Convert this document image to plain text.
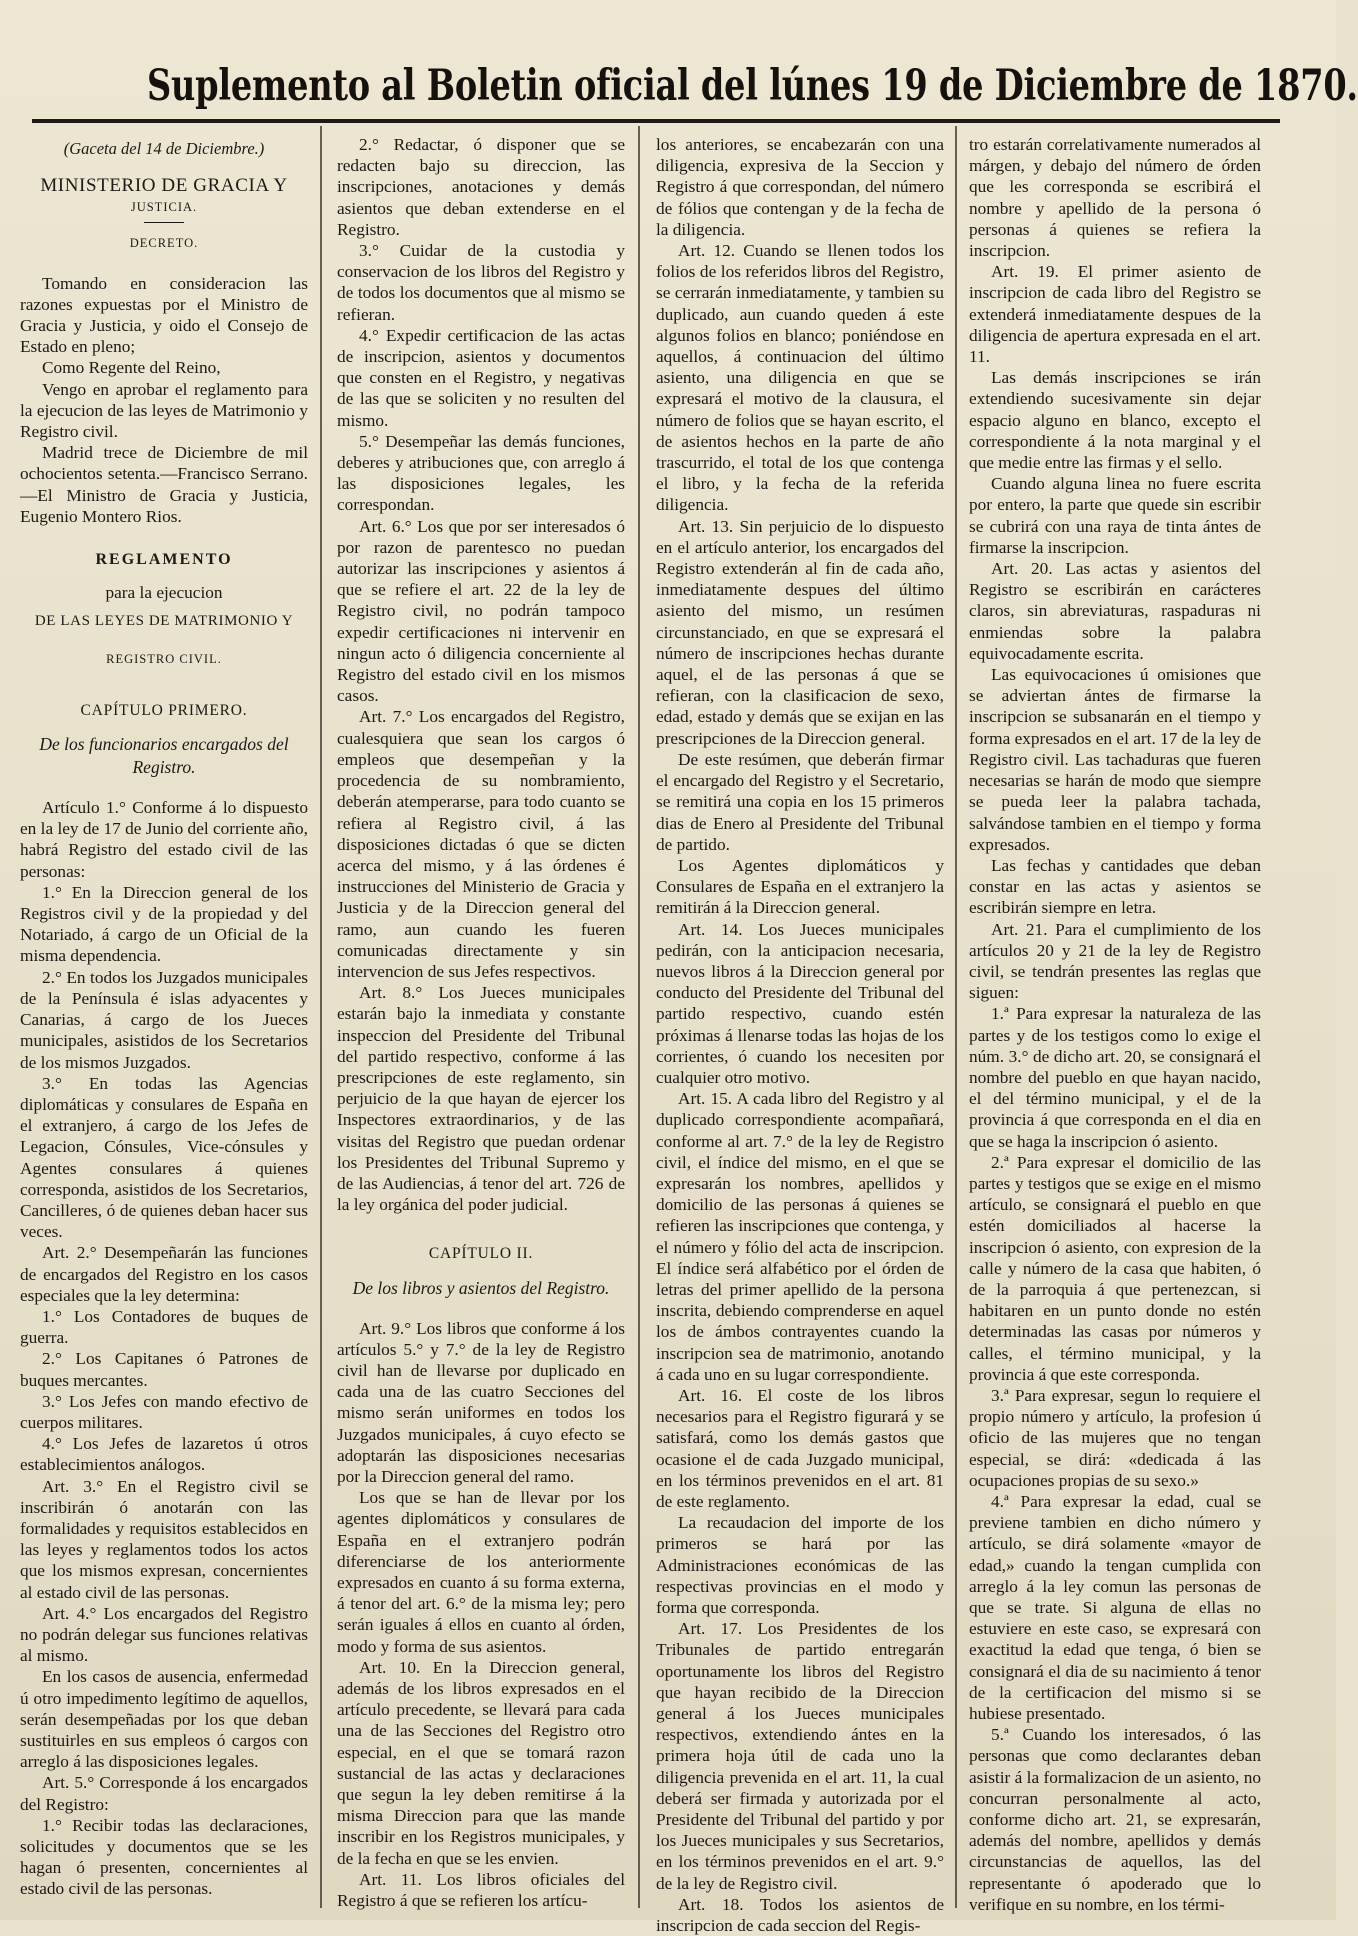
Suplemento al Boletin oficial del lúnes 19 de Diciembre de 1870.

(Gaceta del 14 de Diciembre.)

MINISTERIO DE GRACIA Y

JUSTICIA.

DECRETO.

Tomando en consideracion las razones expuestas por el Ministro de Gracia y Justicia, y oido el Consejo de Estado en pleno;

Como Regente del Reino,

Vengo en aprobar el reglamento para la ejecucion de las leyes de Matrimonio y Registro civil.

Madrid trece de Diciembre de mil ochocientos setenta.—Francisco Serrano.—El Ministro de Gracia y Justicia, Eugenio Montero Rios.

REGLAMENTO

para la ejecucion

DE LAS LEYES DE MATRIMONIO Y

REGISTRO CIVIL.

CAPÍTULO PRIMERO.

De los funcionarios encargados del Registro.

Artículo 1.° Conforme á lo dispuesto en la ley de 17 de Junio del corriente año, habrá Registro del estado civil de las personas:

1.° En la Direccion general de los Registros civil y de la propiedad y del Notariado, á cargo de un Oficial de la misma dependencia.

2.° En todos los Juzgados municipales de la Península é islas adyacentes y Canarias, á cargo de los Jueces municipales, asistidos de los Secretarios de los mismos Juzgados.

3.° En todas las Agencias diplomáticas y consulares de España en el extranjero, á cargo de los Jefes de Legacion, Cónsules, Vice-cónsules y Agentes consulares á quienes corresponda, asistidos de los Secretarios, Cancilleres, ó de quienes deban hacer sus veces.

Art. 2.° Desempeñarán las funciones de encargados del Registro en los casos especiales que la ley determina:

1.° Los Contadores de buques de guerra.

2.° Los Capitanes ó Patrones de buques mercantes.

3.° Los Jefes con mando efectivo de cuerpos militares.

4.° Los Jefes de lazaretos ú otros establecimientos análogos.

Art. 3.° En el Registro civil se inscribirán ó anotarán con las formalidades y requisitos establecidos en las leyes y reglamentos todos los actos que los mismos expresan, concernientes al estado civil de las personas.

Art. 4.° Los encargados del Registro no podrán delegar sus funciones relativas al mismo.

En los casos de ausencia, enfermedad ú otro impedimento legítimo de aquellos, serán desempeñadas por los que deban sustituirles en sus empleos ó cargos con arreglo á las disposiciones legales.

Art. 5.° Corresponde á los encargados del Registro:

1.° Recibir todas las declaraciones, solicitudes y documentos que se les hagan ó presenten, concernientes al estado civil de las personas.

2.° Redactar, ó disponer que se redacten bajo su direccion, las inscripciones, anotaciones y demás asientos que deban extenderse en el Registro.

3.° Cuidar de la custodia y conservacion de los libros del Registro y de todos los documentos que al mismo se refieran.

4.° Expedir certificacion de las actas de inscripcion, asientos y documentos que consten en el Registro, y negativas de las que se soliciten y no resulten del mismo.

5.° Desempeñar las demás funciones, deberes y atribuciones que, con arreglo á las disposiciones legales, les correspondan.

Art. 6.° Los que por ser interesados ó por razon de parentesco no puedan autorizar las inscripciones y asientos á que se refiere el art. 22 de la ley de Registro civil, no podrán tampoco expedir certificaciones ni intervenir en ningun acto ó diligencia concerniente al Registro del estado civil en los mismos casos.

Art. 7.° Los encargados del Registro, cualesquiera que sean los cargos ó empleos que desempeñan y la procedencia de su nombramiento, deberán atemperarse, para todo cuanto se refiera al Registro civil, á las disposiciones dictadas ó que se dicten acerca del mismo, y á las órdenes é instrucciones del Ministerio de Gracia y Justicia y de la Direccion general del ramo, aun cuando les fueren comunicadas directamente y sin intervencion de sus Jefes respectivos.

Art. 8.° Los Jueces municipales estarán bajo la inmediata y constante inspeccion del Presidente del Tribunal del partido respectivo, conforme á las prescripciones de este reglamento, sin perjuicio de la que hayan de ejercer los Inspectores extraordinarios, y de las visitas del Registro que puedan ordenar los Presidentes del Tribunal Supremo y de las Audiencias, á tenor del art. 726 de la ley orgánica del poder judicial.

CAPÍTULO II.

De los libros y asientos del Registro.

Art. 9.° Los libros que conforme á los artículos 5.° y 7.° de la ley de Registro civil han de llevarse por duplicado en cada una de las cuatro Secciones del mismo serán uniformes en todos los Juzgados municipales, á cuyo efecto se adoptarán las disposiciones necesarias por la Direccion general del ramo.

Los que se han de llevar por los agentes diplomáticos y consulares de España en el extranjero podrán diferenciarse de los anteriormente expresados en cuanto á su forma externa, á tenor del art. 6.° de la misma ley; pero serán iguales á ellos en cuanto al órden, modo y forma de sus asientos.

Art. 10. En la Direccion general, además de los libros expresados en el artículo precedente, se llevará para cada una de las Secciones del Registro otro especial, en el que se tomará razon sustancial de las actas y declaraciones que segun la ley deben remitirse á la misma Direccion para que las mande inscribir en los Registros municipales, y de la fecha en que se les envien.

Art. 11. Los libros oficiales del Registro á que se refieren los artícu-

los anteriores, se encabezarán con una diligencia, expresiva de la Seccion y Registro á que correspondan, del número de fólios que contengan y de la fecha de la diligencia.

Art. 12. Cuando se llenen todos los folios de los referidos libros del Registro, se cerrarán inmediatamente, y tambien su duplicado, aun cuando queden á este algunos folios en blanco; poniéndose en aquellos, á continuacion del último asiento, una diligencia en que se expresará el motivo de la clausura, el número de folios que se hayan escrito, el de asientos hechos en la parte de año trascurrido, el total de los que contenga el libro, y la fecha de la referida diligencia.

Art. 13. Sin perjuicio de lo dispuesto en el artículo anterior, los encargados del Registro extenderán al fin de cada año, inmediatamente despues del último asiento del mismo, un resúmen circunstanciado, en que se expresará el número de inscripciones hechas durante aquel, el de las personas á que se refieran, con la clasificacion de sexo, edad, estado y demás que se exijan en las prescripciones de la Direccion general.

De este resúmen, que deberán firmar el encargado del Registro y el Secretario, se remitirá una copia en los 15 primeros dias de Enero al Presidente del Tribunal de partido.

Los Agentes diplomáticos y Consulares de España en el extranjero la remitirán á la Direccion general.

Art. 14. Los Jueces municipales pedirán, con la anticipacion necesaria, nuevos libros á la Direccion general por conducto del Presidente del Tribunal del partido respectivo, cuando estén próximas á llenarse todas las hojas de los corrientes, ó cuando los necesiten por cualquier otro motivo.

Art. 15. A cada libro del Registro y al duplicado correspondiente acompañará, conforme al art. 7.° de la ley de Registro civil, el índice del mismo, en el que se expresarán los nombres, apellidos y domicilio de las personas á quienes se refieren las inscripciones que contenga, y el número y fólio del acta de inscripcion. El índice será alfabético por el órden de letras del primer apellido de la persona inscrita, debiendo comprenderse en aquel los de ámbos contrayentes cuando la inscripcion sea de matrimonio, anotando á cada uno en su lugar correspondiente.

Art. 16. El coste de los libros necesarios para el Registro figurará y se satisfará, como los demás gastos que ocasione el de cada Juzgado municipal, en los términos prevenidos en el art. 81 de este reglamento.

La recaudacion del importe de los primeros se hará por las Administraciones económicas de las respectivas provincias en el modo y forma que corresponda.

Art. 17. Los Presidentes de los Tribunales de partido entregarán oportunamente los libros del Registro que hayan recibido de la Direccion general á los Jueces municipales respectivos, extendiendo ántes en la primera hoja útil de cada uno la diligencia prevenida en el art. 11, la cual deberá ser firmada y autorizada por el Presidente del Tribunal del partido y por los Jueces municipales y sus Secretarios, en los términos prevenidos en el art. 9.° de la ley de Registro civil.

Art. 18. Todos los asientos de inscripcion de cada seccion del Regis-

tro estarán correlativamente numerados al márgen, y debajo del número de órden que les corresponda se escribirá el nombre y apellido de la persona ó personas á quienes se refiera la inscripcion.

Art. 19. El primer asiento de inscripcion de cada libro del Registro se extenderá inmediatamente despues de la diligencia de apertura expresada en el art. 11.

Las demás inscripciones se irán extendiendo sucesivamente sin dejar espacio alguno en blanco, excepto el correspondiente á la nota marginal y el que medie entre las firmas y el sello.

Cuando alguna linea no fuere escrita por entero, la parte que quede sin escribir se cubrirá con una raya de tinta ántes de firmarse la inscripcion.

Art. 20. Las actas y asientos del Registro se escribirán en carácteres claros, sin abreviaturas, raspaduras ni enmiendas sobre la palabra equivocadamente escrita.

Las equivocaciones ú omisiones que se adviertan ántes de firmarse la inscripcion se subsanarán en el tiempo y forma expresados en el art. 17 de la ley de Registro civil. Las tachaduras que fueren necesarias se harán de modo que siempre se pueda leer la palabra tachada, salvándose tambien en el tiempo y forma expresados.

Las fechas y cantidades que deban constar en las actas y asientos se escribirán siempre en letra.

Art. 21. Para el cumplimiento de los artículos 20 y 21 de la ley de Registro civil, se tendrán presentes las reglas que siguen:

1.ª Para expresar la naturaleza de las partes y de los testigos como lo exige el núm. 3.° de dicho art. 20, se consignará el nombre del pueblo en que hayan nacido, el del término municipal, y el de la provincia á que corresponda en el dia en que se haga la inscripcion ó asiento.

2.ª Para expresar el domicilio de las partes y testigos que se exige en el mismo artículo, se consignará el pueblo en que estén domiciliados al hacerse la inscripcion ó asiento, con expresion de la calle y número de la casa que habiten, ó de la parroquia á que pertenezcan, si habitaren en un punto donde no estén determinadas las casas por números y calles, el término municipal, y la provincia á que este corresponda.

3.ª Para expresar, segun lo requiere el propio número y artículo, la profesion ú oficio de las mujeres que no tengan especial, se dirá: «dedicada á las ocupaciones propias de su sexo.»

4.ª Para expresar la edad, cual se previene tambien en dicho número y artículo, se dirá solamente «mayor de edad,» cuando la tengan cumplida con arreglo á la ley comun las personas de que se trate. Si alguna de ellas no estuviere en este caso, se expresará con exactitud la edad que tenga, ó bien se consignará el dia de su nacimiento á tenor de la certificacion del mismo si se hubiese presentado.

5.ª Cuando los interesados, ó las personas que como declarantes deban asistir á la formalizacion de un asiento, no concurran personalmente al acto, conforme dicho art. 21, se expresarán, además del nombre, apellidos y demás circunstancias de aquellos, las del representante ó apoderado que lo verifique en su nombre, en los térmi-
